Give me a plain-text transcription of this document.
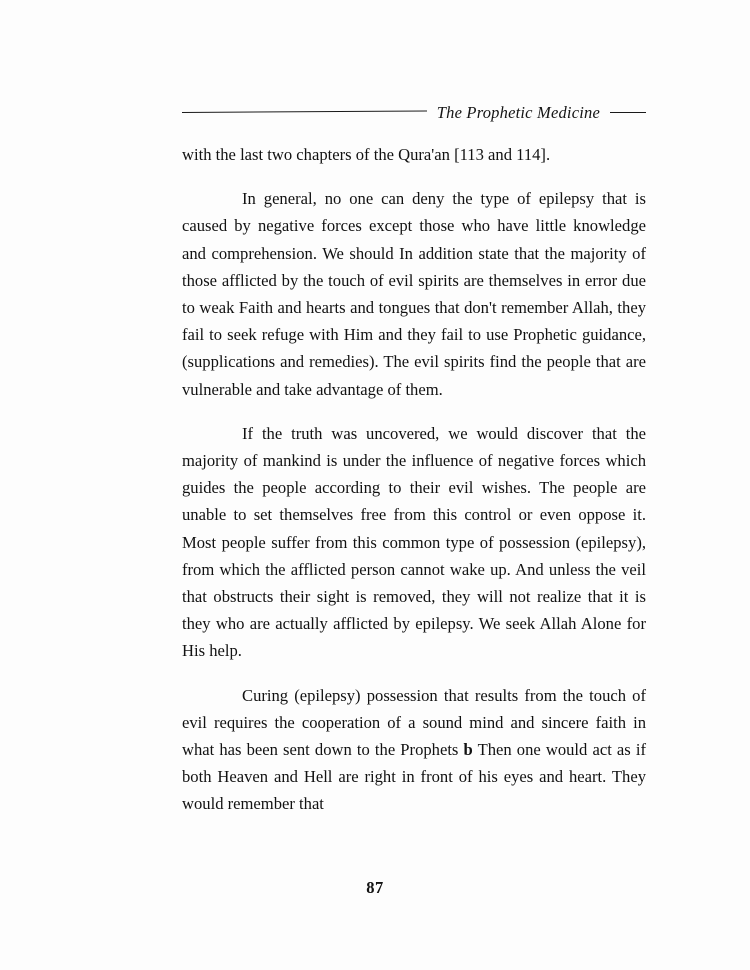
The Prophetic Medicine

with the last two chapters of the Qura'an [113 and 114].

In general, no one can deny the type of epilepsy that is caused by negative forces except those who have little knowledge and comprehension. We should In addition state that the majority of those afflicted by the touch of evil spirits are themselves in error due to weak Faith and hearts and tongues that don't remember Allah, they fail to seek refuge with Him and they fail to use Prophetic guidance, (supplications and remedies). The evil spirits find the people that are vulnerable and take advantage of them.

If the truth was uncovered, we would discover that the majority of mankind is under the influence of negative forces which guides the people according to their evil wishes. The people are unable to set themselves free from this control or even oppose it. Most people suffer from this common type of possession (epilepsy), from which the afflicted person cannot wake up. And unless the veil that obstructs their sight is removed, they will not realize that it is they who are actually afflicted by epilepsy. We seek Allah Alone for His help.

Curing (epilepsy) possession that results from the touch of evil requires the cooperation of a sound mind and sincere faith in what has been sent down to the Prophets b Then one would act as if both Heaven and Hell are right in front of his eyes and heart. They would remember that

87
